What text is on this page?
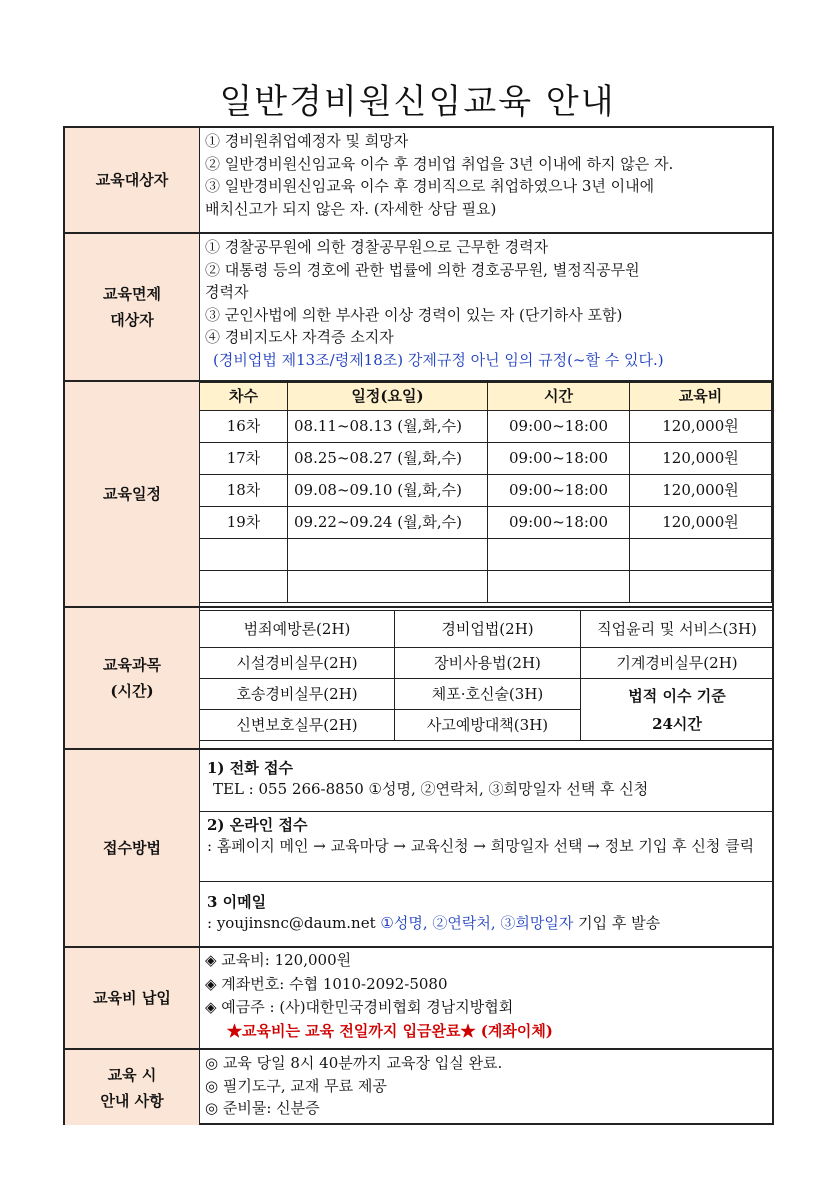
일반경비원신임교육 안내
교육대상자
① 경비원취업예정자 및 희망자
② 일반경비원신임교육 이수 후 경비업 취업을 3년 이내에 하지 않은 자.
③ 일반경비원신임교육 이수 후 경비직으로 취업하였으나 3년 이내에
배치신고가 되지 않은 자. (자세한 상담 필요)
교육면제
대상자
① 경찰공무원에 의한 경찰공무원으로 근무한 경력자
② 대통령 등의 경호에 관한 법률에 의한 경호공무원, 별정직공무원
경력자
③ 군인사법에 의한 부사관 이상 경력이 있는 자 (단기하사 포함)
④ 경비지도사 자격증 소지자
(경비업법 제13조/령제18조) 강제규정 아닌 임의 규정(~할 수 있다.)
교육일정
차수	일정(요일)	시간	교육비
16차	08.11~08.13 (월,화,수)	09:00~18:00	120,000원
17차	08.25~08.27 (월,화,수)	09:00~18:00	120,000원
18차	09.08~09.10 (월,화,수)	09:00~18:00	120,000원
19차	09.22~09.24 (월,화,수)	09:00~18:00	120,000원

교육과목
(시간)
범죄예방론(2H)	경비업법(2H)	직업윤리 및 서비스(3H)
시설경비실무(2H)	장비사용법(2H)	기계경비실무(2H)
호송경비실무(2H)	체포·호신술(3H)
신변보호실무(2H)	사고예방대책(3H)
법적 이수 기준
24시간
접수방법
1) 전화 접수
TEL : 055 266-8850 ①성명, ②연락처, ③희망일자 선택 후 신청
2) 온라인 접수
: 홈페이지 메인 → 교육마당 → 교육신청 → 희망일자 선택 → 정보 기입 후 신청 클릭
3 이메일
: youjinsnc@daum.net ①성명, ②연락처, ③희망일자 기입 후 발송
교육비 납입
◈ 교육비: 120,000원
◈ 계좌번호: 수협 1010-2092-5080
◈ 예금주 : (사)대한민국경비협회 경남지방협회
★교육비는 교육 전일까지 입금완료★ (계좌이체)
교육 시
안내 사항
◎ 교육 당일 8시 40분까지 교육장 입실 완료.
◎ 필기도구, 교재 무료 제공
◎ 준비물: 신분증
